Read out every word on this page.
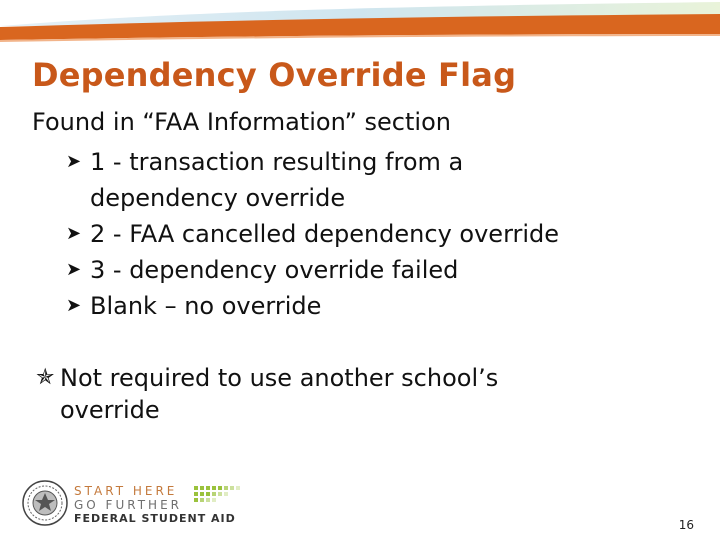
Dependency Override Flag
Found in “FAA Information” section
➤ 1 - transaction resulting from a
dependency override
➤ 2 - FAA cancelled dependency override
➤ 3 - dependency override failed
➤ Blank – no override
✯ Not required to use another school’s
override
START HERE
GO FURTHER
FEDERAL STUDENT AID	16
